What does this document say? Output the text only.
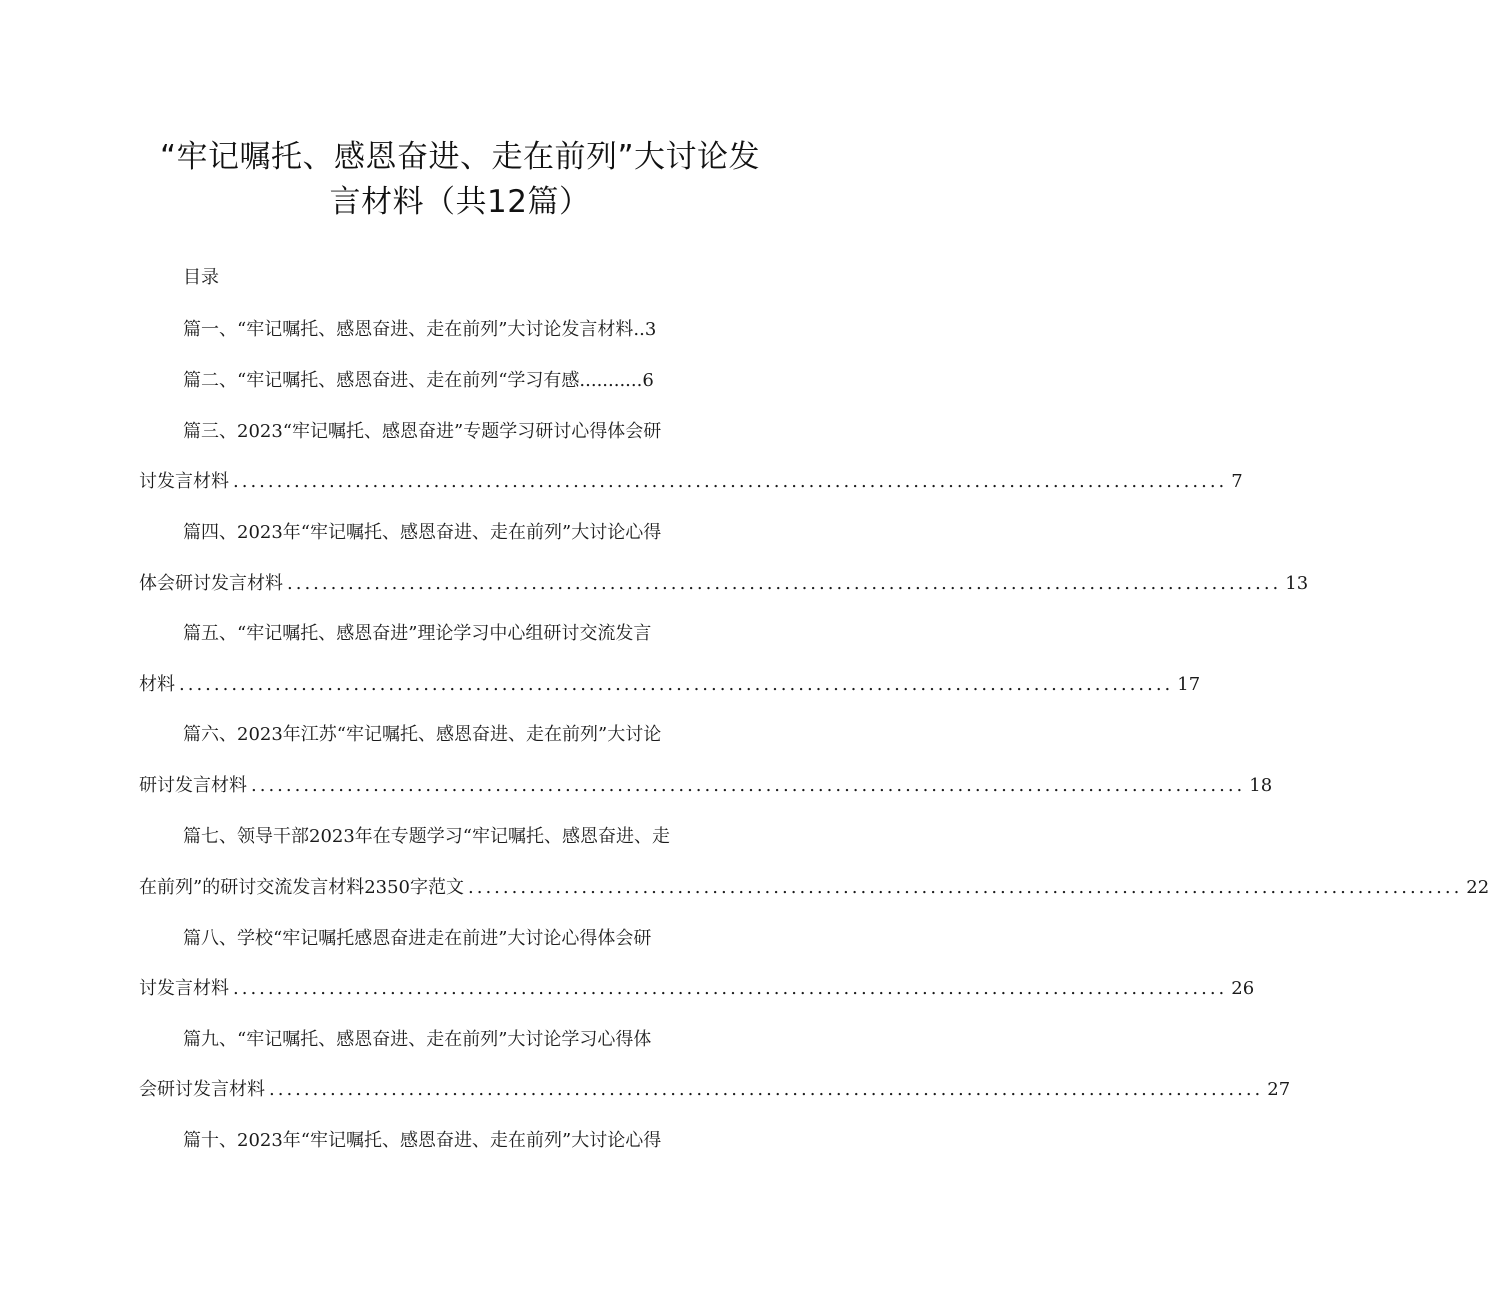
“牢记嘱托、感恩奋进、走在前列”大讨论发
言材料（共12篇）
目录
篇一、“牢记嘱托、感恩奋进、走在前列”大讨论发言材料..3
篇二、“牢记嘱托、感恩奋进、走在前列“学习有感...........6
篇三、2023“牢记嘱托、感恩奋进”专题学习研讨心得体会研
讨发言材料 .................................................................................................................. 7
篇四、2023年“牢记嘱托、感恩奋进、走在前列”大讨论心得
体会研讨发言材料 .................................................................................................................. 13
篇五、“牢记嘱托、感恩奋进”理论学习中心组研讨交流发言
材料 .................................................................................................................. 17
篇六、2023年江苏“牢记嘱托、感恩奋进、走在前列”大讨论
研讨发言材料 .................................................................................................................. 18
篇七、领导干部2023年在专题学习“牢记嘱托、感恩奋进、走
在前列”的研讨交流发言材料2350字范文 .................................................................................................................. 22
篇八、学校“牢记嘱托感恩奋进走在前进”大讨论心得体会研
讨发言材料 .................................................................................................................. 26
篇九、“牢记嘱托、感恩奋进、走在前列”大讨论学习心得体
会研讨发言材料 .................................................................................................................. 27
篇十、2023年“牢记嘱托、感恩奋进、走在前列”大讨论心得
